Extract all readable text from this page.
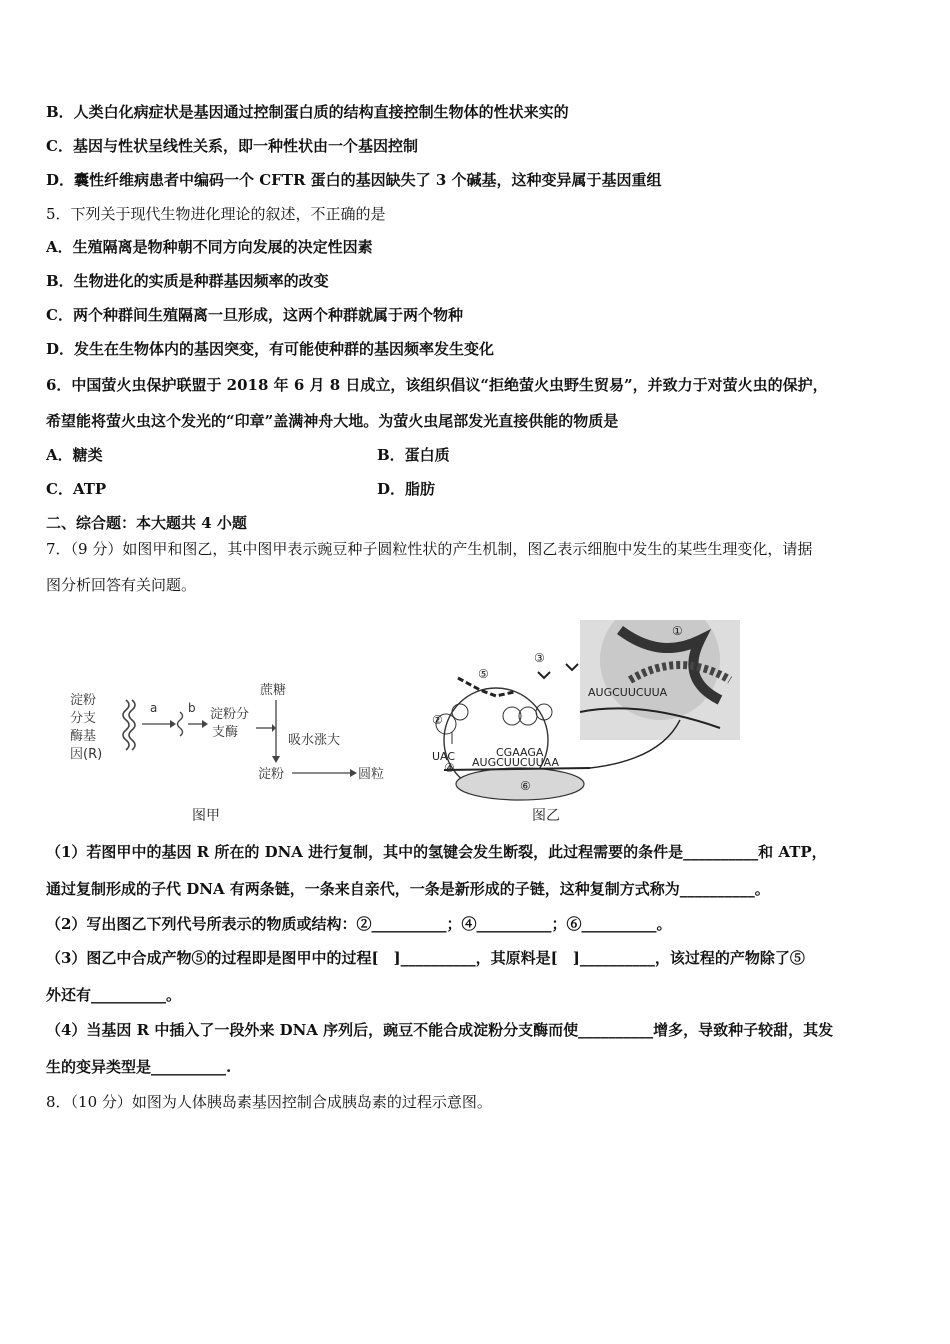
B．人类白化病症状是基因通过控制蛋白质的结构直接控制生物体的性状来实的
C．基因与性状呈线性关系，即一种性状由一个基因控制
D．囊性纤维病患者中编码一个 CFTR 蛋白的基因缺失了 3 个碱基，这种变异属于基因重组
5．下列关于现代生物进化理论的叙述，不正确的是
A．生殖隔离是物种朝不同方向发展的决定性因素
B．生物进化的实质是种群基因频率的改变
C．两个种群间生殖隔离一旦形成，这两个种群就属于两个物种
D．发生在生物体内的基因突变，有可能使种群的基因频率发生变化
6．中国萤火虫保护联盟于 2018 年 6 月 8 日成立，该组织倡议“拒绝萤火虫野生贸易”，并致力于对萤火虫的保护，
希望能将萤火虫这个发光的“印章”盖满神舟大地。为萤火虫尾部发光直接供能的物质是
A．糖类	B．蛋白质
C．ATP	D．脂肪
二、综合题：本大题共 4 小题
7．（9 分）如图甲和图乙，其中图甲表示豌豆种子圆粒性状的产生机制，图乙表示细胞中发生的某些生理变化，请据
图分析回答有关问题。
淀粉
分支
酶基
因(R)
a	b 淀粉分
支酶
蔗糖
吸水涨大
淀粉	圆粒
图甲
①
AUGCUUCUUA
AUGCUUCUUAA
⑥
UAC
②
CGAAGA
⑤
③
④
图乙
（1）若图甲中的基因 R 所在的 DNA 进行复制，其中的氢键会发生断裂，此过程需要的条件是__________和 ATP，
通过复制形成的子代 DNA 有两条链，一条来自亲代，一条是新形成的子链，这种复制方式称为__________。
（2）写出图乙下列代号所表示的物质或结构：②__________；④__________；⑥__________。
（3）图乙中合成产物⑤的过程即是图甲中的过程[　]__________，其原料是[　]__________，该过程的产物除了⑤
外还有__________。
（4）当基因 R 中插入了一段外来 DNA 序列后，豌豆不能合成淀粉分支酶而使__________增多，导致种子较甜，其发
生的变异类型是__________.
8．（10 分）如图为人体胰岛素基因控制合成胰岛素的过程示意图。
